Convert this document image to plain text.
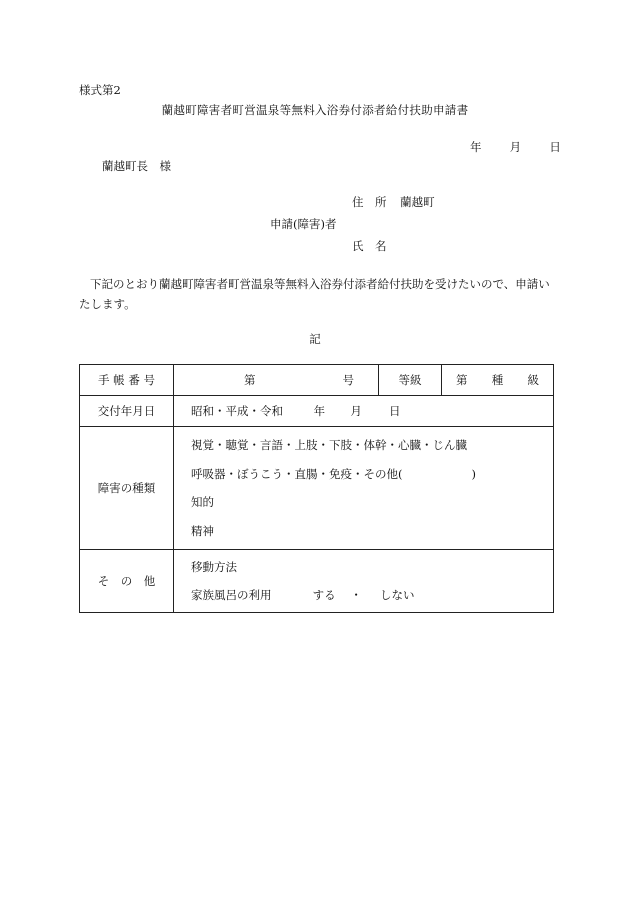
様式第2
蘭越町障害者町営温泉等無料入浴券付添者給付扶助申請書
年 月 日
蘭越町長　様
住　所 蘭越町
申請(障害)者
氏　名
下記のとおり蘭越町障害者町営温泉等無料入浴券付添者給付扶助を受けたいので、申請いたします。
記
手 帳 番 号	第 号	等級	第 種 級

交付年月日	昭和・平成・令和 年 月 日		
障害の種類	視覚・聴覚・言語・上肢・下肢・体幹・心臓・じん臓
呼吸器・ぼうこう・直腸・免疫・その他(　　　　　　)
知的
精神		

そ　の　他	移動方法
家族風呂の利用 する ・ しない		
